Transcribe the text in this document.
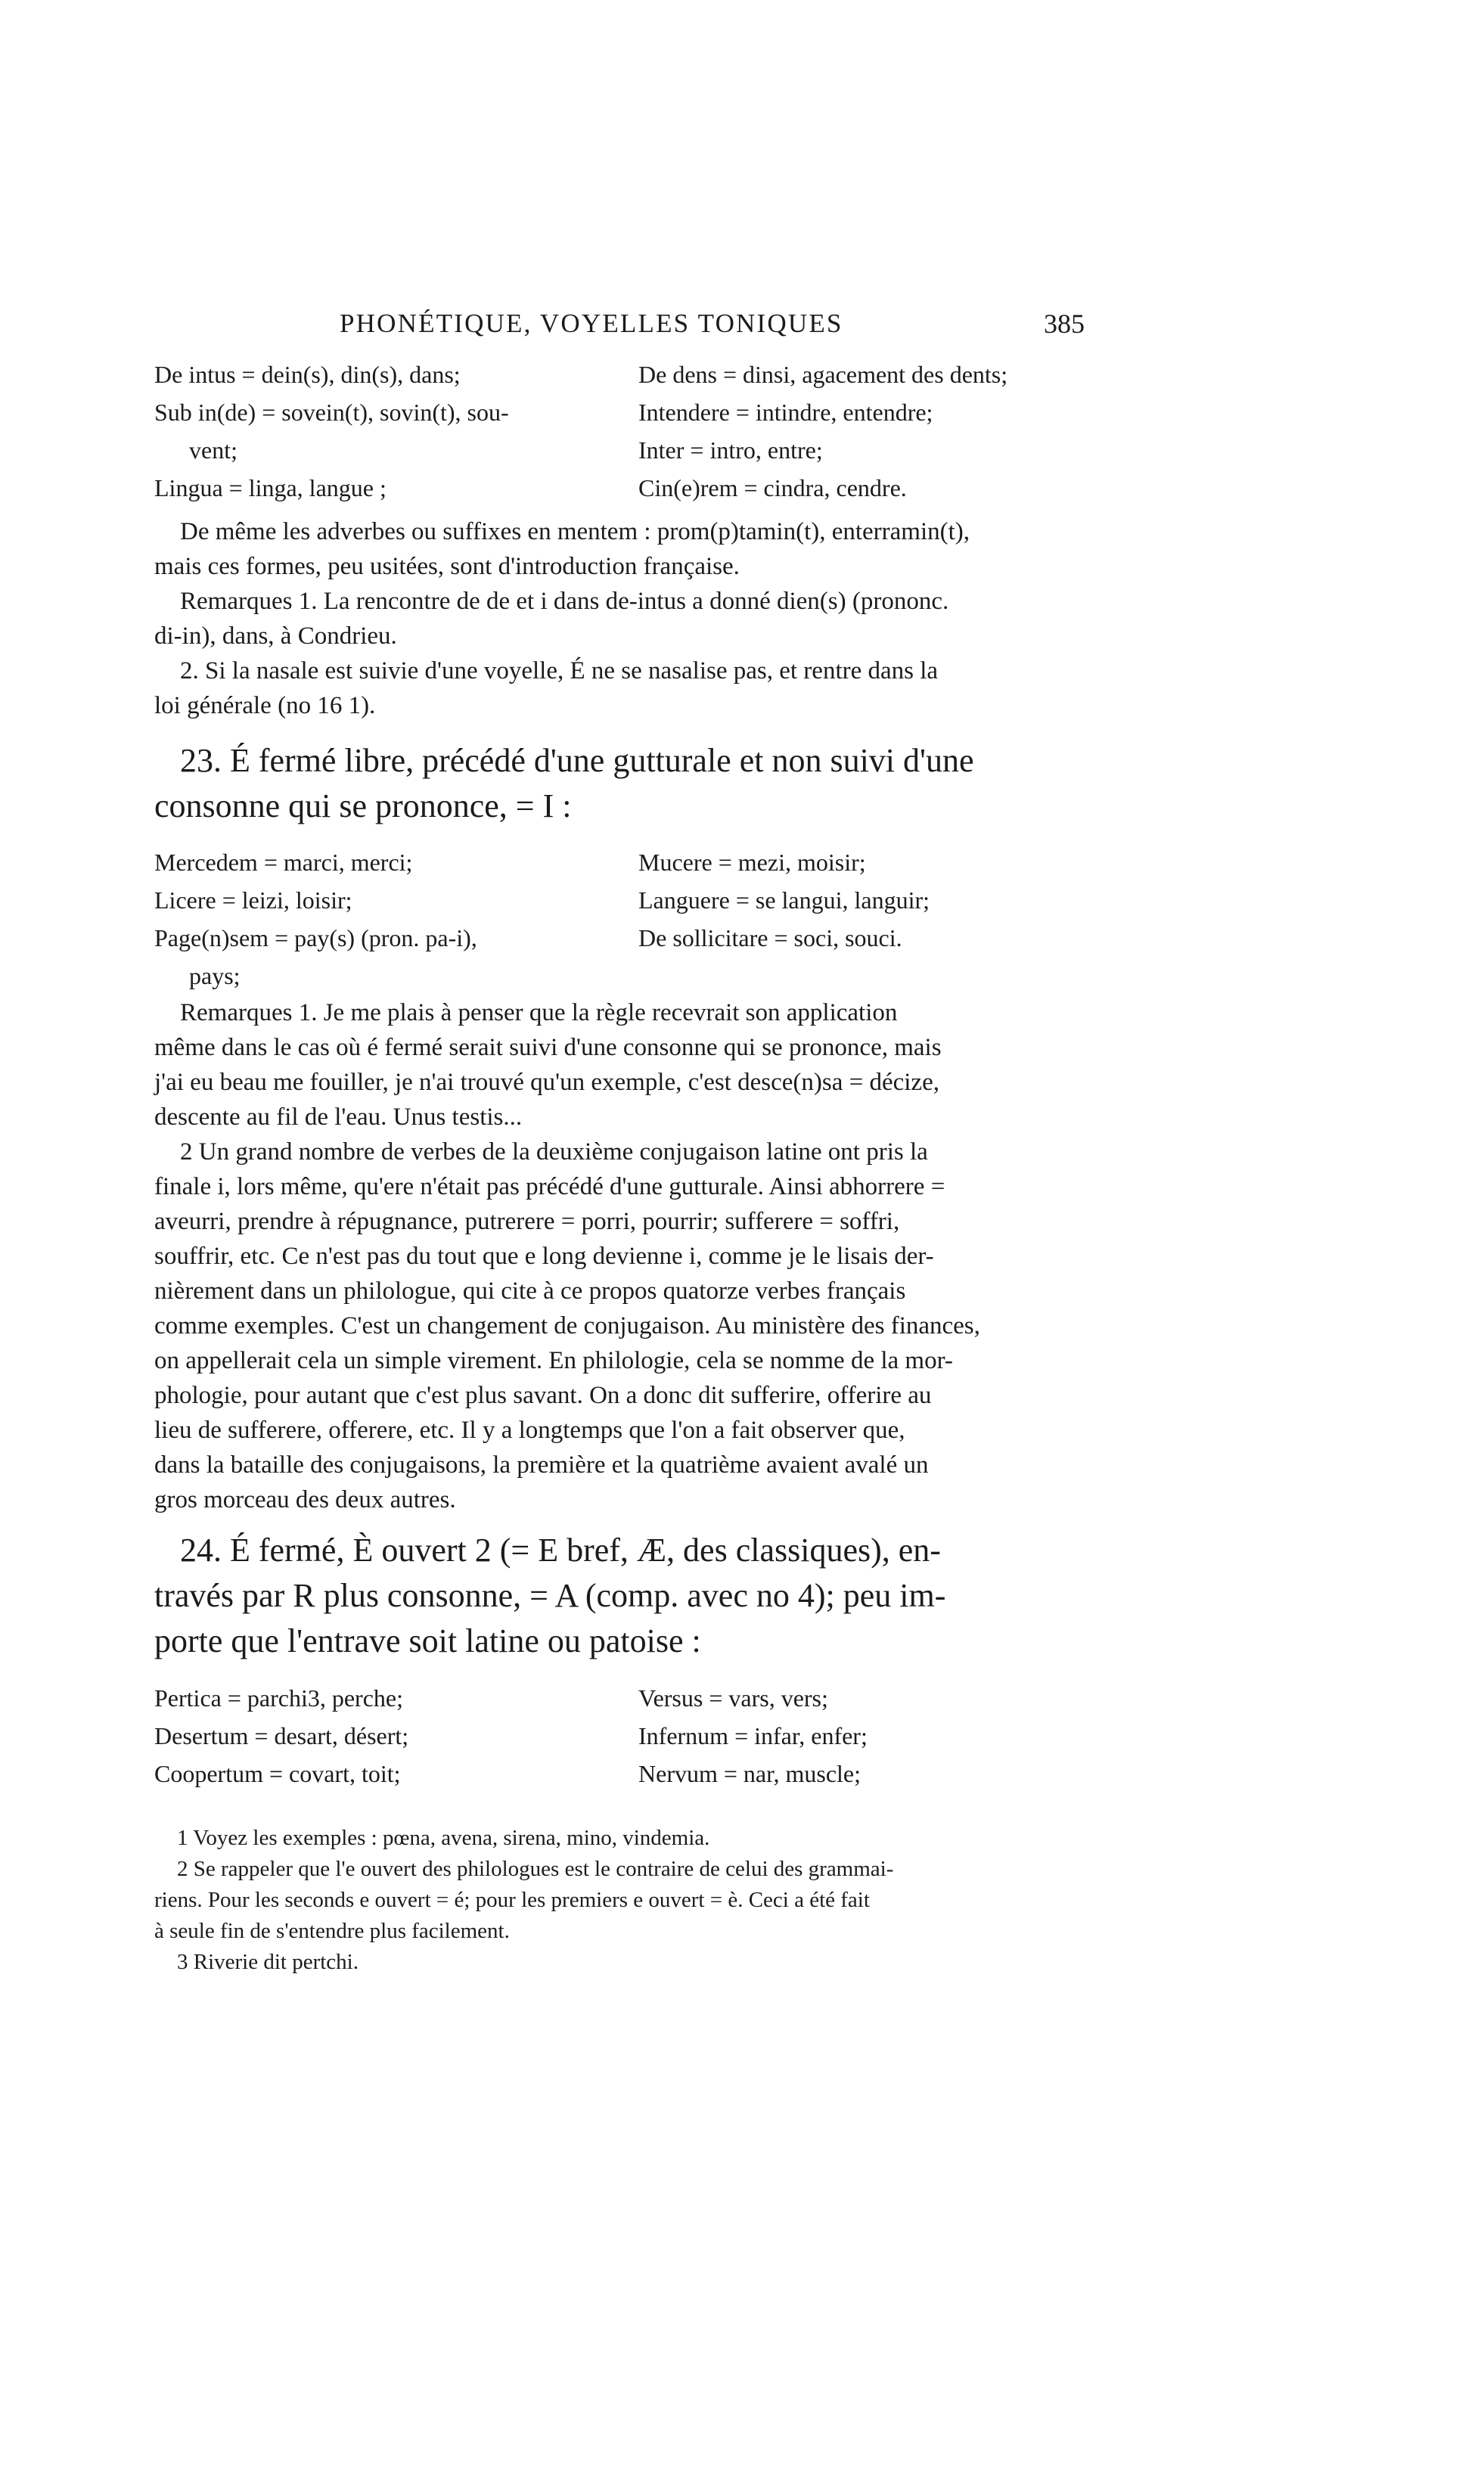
PHONÉTIQUE, VOYELLES TONIQUES	385
De intus = dein(s), din(s), dans;
Sub in(de) = sovein(t), sovin(t), sou-
vent;
Lingua = linga, langue ;
De dens = dinsi, agacement des dents;
Intendere = intindre, entendre;
Inter = intro, entre;
Cin(e)rem = cindra, cendre.

De même les adverbes ou suffixes en mentem : prom(p)tamin(t), enterramin(t),

mais ces formes, peu usitées, sont d'introduction française.

Remarques 1. La rencontre de de et i dans de-intus a donné dien(s) (prononc.

di-in), dans, à Condrieu.

2. Si la nasale est suivie d'une voyelle, É ne se nasalise pas, et rentre dans la

loi générale (no 16 1).

23. É fermé libre, précédé d'une gutturale et non suivi d'une

consonne qui se prononce, = I :

Mercedem = marci, merci;
Licere = leizi, loisir;
Page(n)sem = pay(s) (pron. pa-i),
pays;
Mucere = mezi, moisir;
Languere = se langui, languir;
De sollicitare = soci, souci.

Remarques 1. Je me plais à penser que la règle recevrait son application

même dans le cas où é fermé serait suivi d'une consonne qui se prononce, mais

j'ai eu beau me fouiller, je n'ai trouvé qu'un exemple, c'est desce(n)sa = décize,

descente au fil de l'eau. Unus testis...

2 Un grand nombre de verbes de la deuxième conjugaison latine ont pris la

finale i, lors même, qu'ere n'était pas précédé d'une gutturale. Ainsi abhorrere =

aveurri, prendre à répugnance, putrerere = porri, pourrir; sufferere = soffri,

souffrir, etc. Ce n'est pas du tout que e long devienne i, comme je le lisais der-

nièrement dans un philologue, qui cite à ce propos quatorze verbes français

comme exemples. C'est un changement de conjugaison. Au ministère des finances,

on appellerait cela un simple virement. En philologie, cela se nomme de la mor-

phologie, pour autant que c'est plus savant. On a donc dit sufferire, offerire au

lieu de sufferere, offerere, etc. Il y a longtemps que l'on a fait observer que,

dans la bataille des conjugaisons, la première et la quatrième avaient avalé un

gros morceau des deux autres.

24. É fermé, È ouvert 2 (= E bref, Æ, des classiques), en-

través par R plus consonne, = A (comp. avec no 4); peu im-

porte que l'entrave soit latine ou patoise :

Pertica = parchi3, perche;
Desertum = desart, désert;
Coopertum = covart, toit;
Versus = vars, vers;
Infernum = infar, enfer;
Nervum = nar, muscle;

1 Voyez les exemples : pœna, avena, sirena, mino, vindemia.

2 Se rappeler que l'e ouvert des philologues est le contraire de celui des grammai-

riens. Pour les seconds e ouvert = é; pour les premiers e ouvert = è. Ceci a été fait

à seule fin de s'entendre plus facilement.

3 Riverie dit pertchi.
